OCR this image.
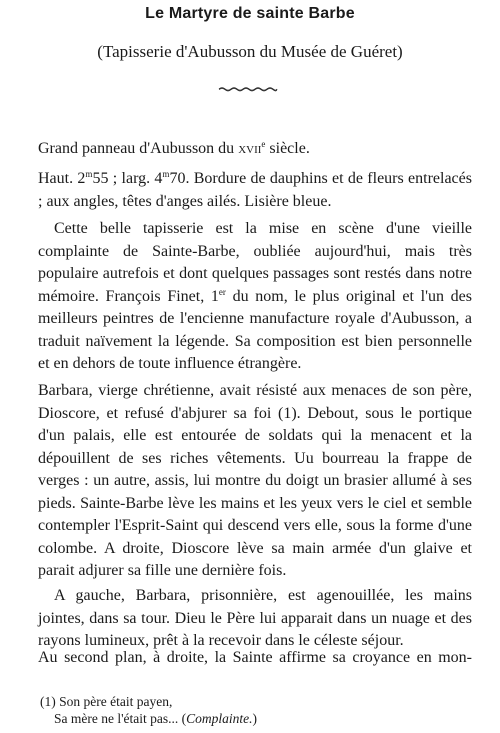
Le Martyre de sainte Barbe
(Tapisserie d'Aubusson du Musée de Guéret)
Grand panneau d'Aubusson du xvii$^e$ siècle.
Haut. 2$^m$55 ; larg. 4$^m$70. Bordure de dauphins et de fleurs entrelacés ; aux angles, têtes d'anges ailés. Lisière bleue.
Cette belle tapisserie est la mise en scène d'une vieille complainte de Sainte-Barbe, oubliée aujourd'hui, mais très populaire autrefois et dont quelques passages sont restés dans notre mémoire. François Finet, 1er du nom, le plus original et l'un des meilleurs peintres de l'encienne manufacture royale d'Aubusson, a traduit naïvement la légende. Sa composition est bien personnelle et en dehors de toute influence étrangère.
Barbara, vierge chrétienne, avait résisté aux menaces de son père, Dioscore, et refusé d'abjurer sa foi (1). Debout, sous le portique d'un palais, elle est entourée de soldats qui la menacent et la dépouillent de ses riches vêtements. Uu bourreau la frappe de verges : un autre, assis, lui montre du doigt un brasier allumé à ses pieds. Sainte-Barbe lève les mains et les yeux vers le ciel et semble contempler l'Esprit-Saint qui descend vers elle, sous la forme d'une colombe. A droite, Dioscore lève sa main armée d'un glaive et parait adjurer sa fille une dernière fois.
A gauche, Barbara, prisonnière, est agenouillée, les mains jointes, dans sa tour. Dieu le Père lui apparait dans un nuage et des rayons lumineux, prêt à la recevoir dans le céleste séjour.
Au second plan, à droite, la Sainte affirme sa croyance en mon-
(1) Son père était payen,
Sa mère ne l'était pas... (Complainte.)
